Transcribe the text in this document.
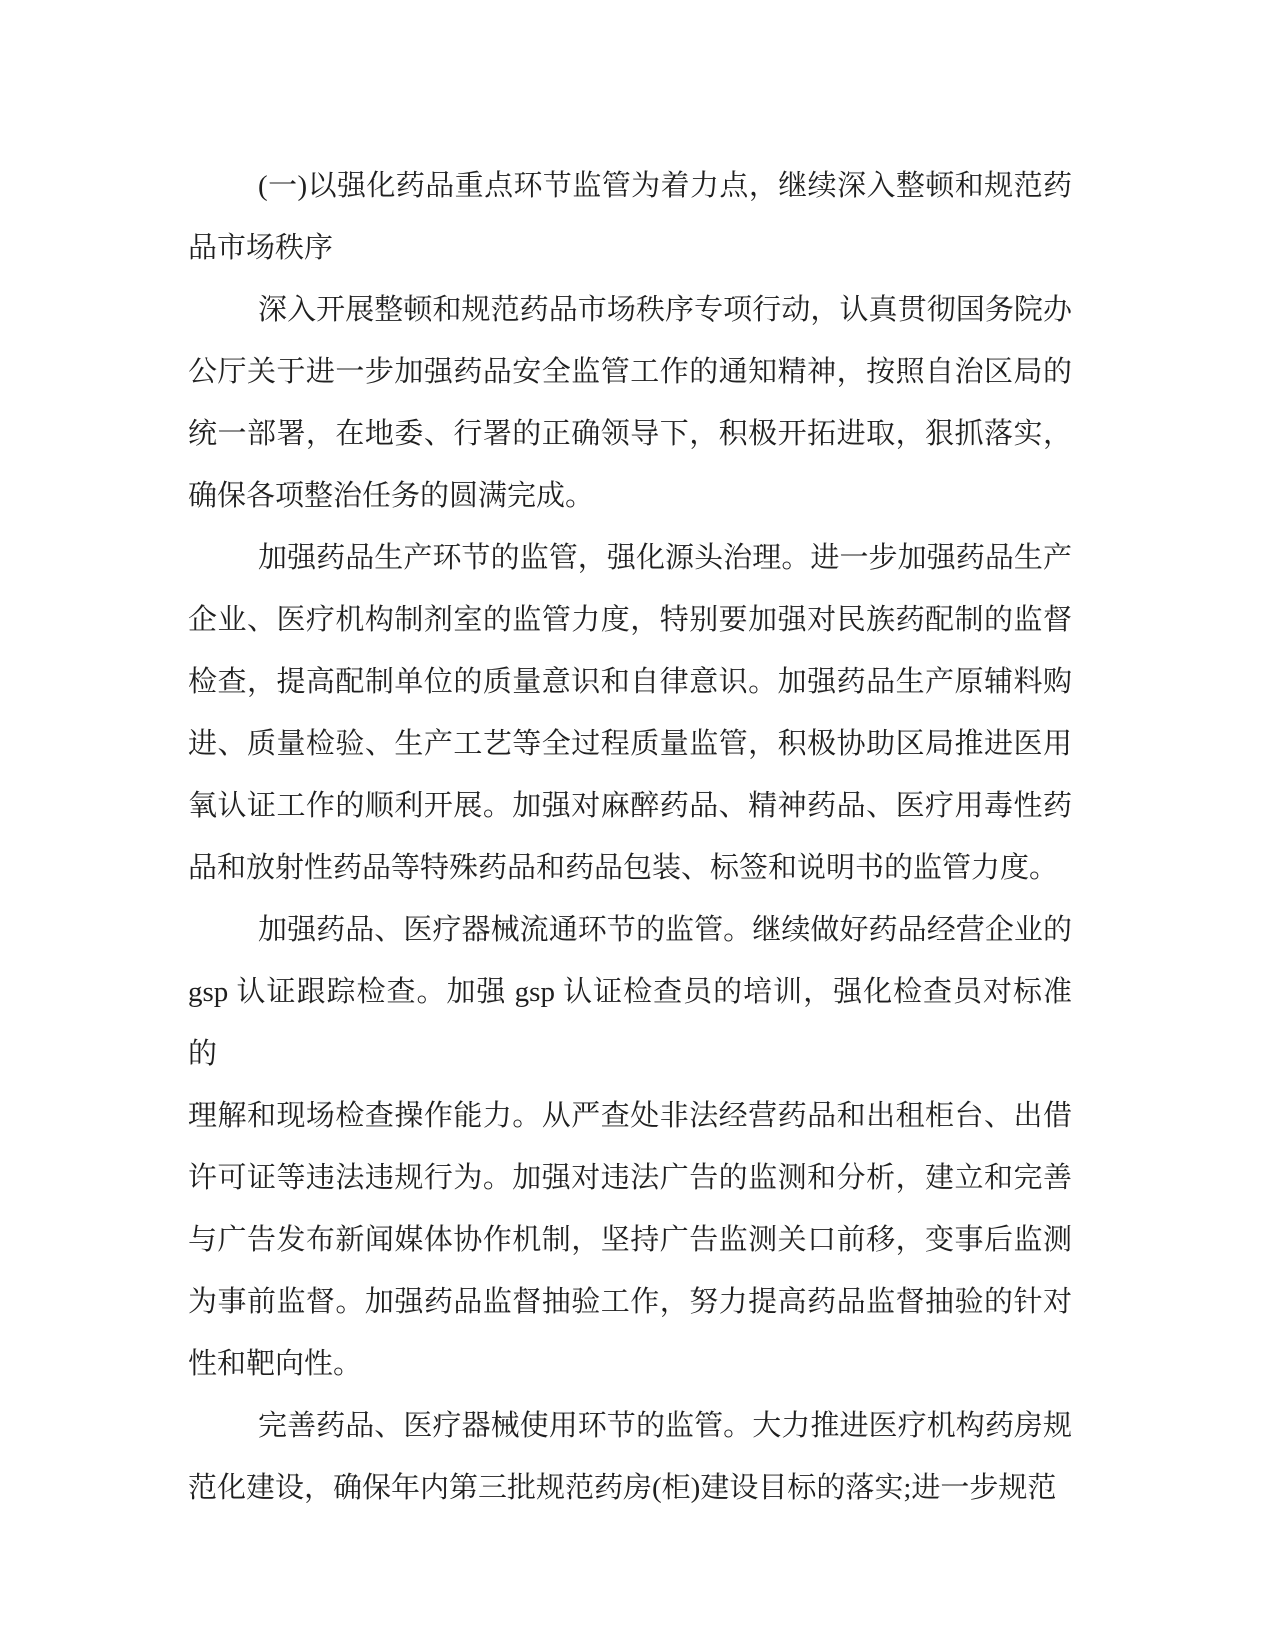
(一)以强化药品重点环节监管为着力点，继续深入整顿和规范药
品市场秩序
深入开展整顿和规范药品市场秩序专项行动，认真贯彻国务院办
公厅关于进一步加强药品安全监管工作的通知精神，按照自治区局的
统一部署，在地委、行署的正确领导下，积极开拓进取，狠抓落实，
确保各项整治任务的圆满完成。
加强药品生产环节的监管，强化源头治理。进一步加强药品生产
企业、医疗机构制剂室的监管力度，特别要加强对民族药配制的监督
检查，提高配制单位的质量意识和自律意识。加强药品生产原辅料购
进、质量检验、生产工艺等全过程质量监管，积极协助区局推进医用
氧认证工作的顺利开展。加强对麻醉药品、精神药品、医疗用毒性药
品和放射性药品等特殊药品和药品包装、标签和说明书的监管力度。
加强药品、医疗器械流通环节的监管。继续做好药品经营企业的
gsp 认证跟踪检查。加强 gsp 认证检查员的培训，强化检查员对标准的
理解和现场检查操作能力。从严查处非法经营药品和出租柜台、出借
许可证等违法违规行为。加强对违法广告的监测和分析，建立和完善
与广告发布新闻媒体协作机制，坚持广告监测关口前移，变事后监测
为事前监督。加强药品监督抽验工作，努力提高药品监督抽验的针对
性和靶向性。
完善药品、医疗器械使用环节的监管。大力推进医疗机构药房规
范化建设，确保年内第三批规范药房(柜)建设目标的落实;进一步规范
